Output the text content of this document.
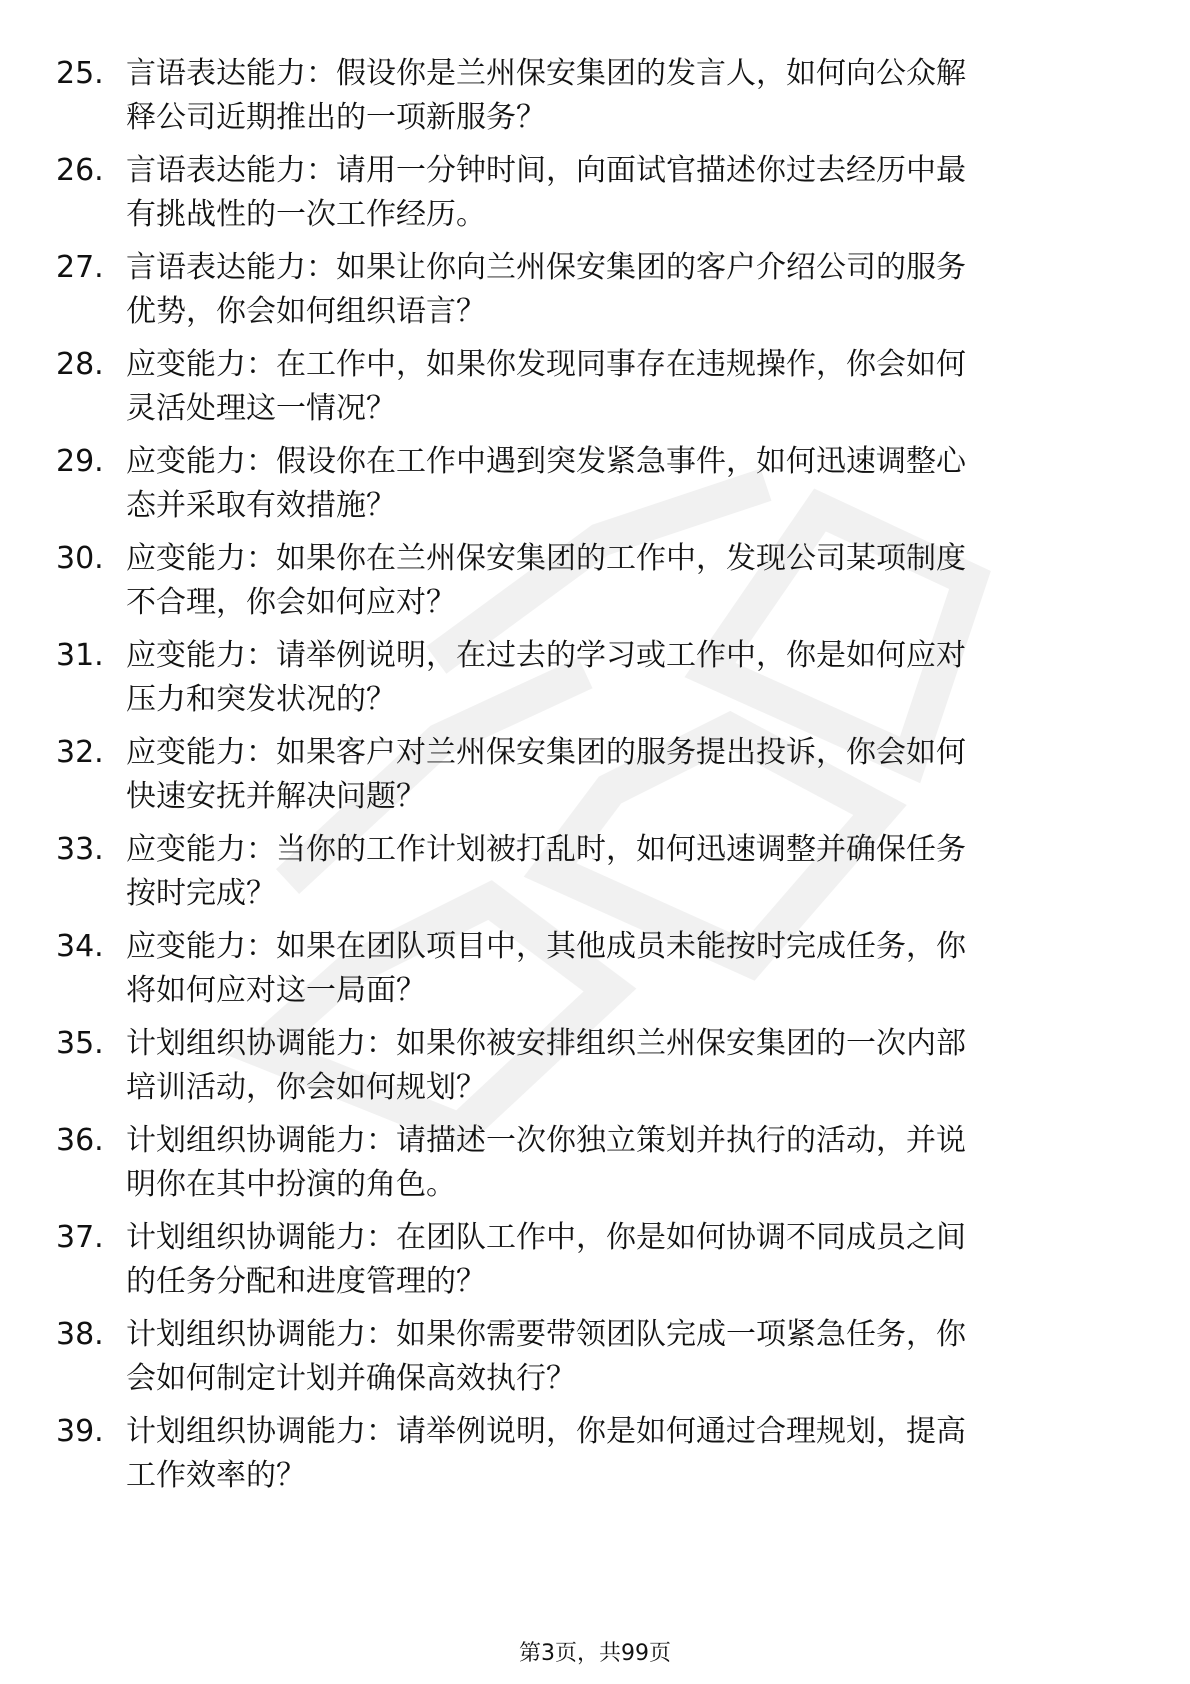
25. 言语表达能力：假设你是兰州保安集团的发言人，如何向公众解
释公司近期推出的一项新服务？
26. 言语表达能力：请用一分钟时间，向面试官描述你过去经历中最
有挑战性的一次工作经历。
27. 言语表达能力：如果让你向兰州保安集团的客户介绍公司的服务
优势，你会如何组织语言？
28. 应变能力：在工作中，如果你发现同事存在违规操作，你会如何
灵活处理这一情况？
29. 应变能力：假设你在工作中遇到突发紧急事件，如何迅速调整心
态并采取有效措施？
30. 应变能力：如果你在兰州保安集团的工作中，发现公司某项制度
不合理，你会如何应对？
31. 应变能力：请举例说明，在过去的学习或工作中，你是如何应对
压力和突发状况的？
32. 应变能力：如果客户对兰州保安集团的服务提出投诉，你会如何
快速安抚并解决问题？
33. 应变能力：当你的工作计划被打乱时，如何迅速调整并确保任务
按时完成？
34. 应变能力：如果在团队项目中，其他成员未能按时完成任务，你
将如何应对这一局面？
35. 计划组织协调能力：如果你被安排组织兰州保安集团的一次内部
培训活动，你会如何规划？
36. 计划组织协调能力：请描述一次你独立策划并执行的活动，并说
明你在其中扮演的角色。
37. 计划组织协调能力：在团队工作中，你是如何协调不同成员之间
的任务分配和进度管理的？
38. 计划组织协调能力：如果你需要带领团队完成一项紧急任务，你
会如何制定计划并确保高效执行？
39. 计划组织协调能力：请举例说明，你是如何通过合理规划，提高
工作效率的？
第3页，共99页
